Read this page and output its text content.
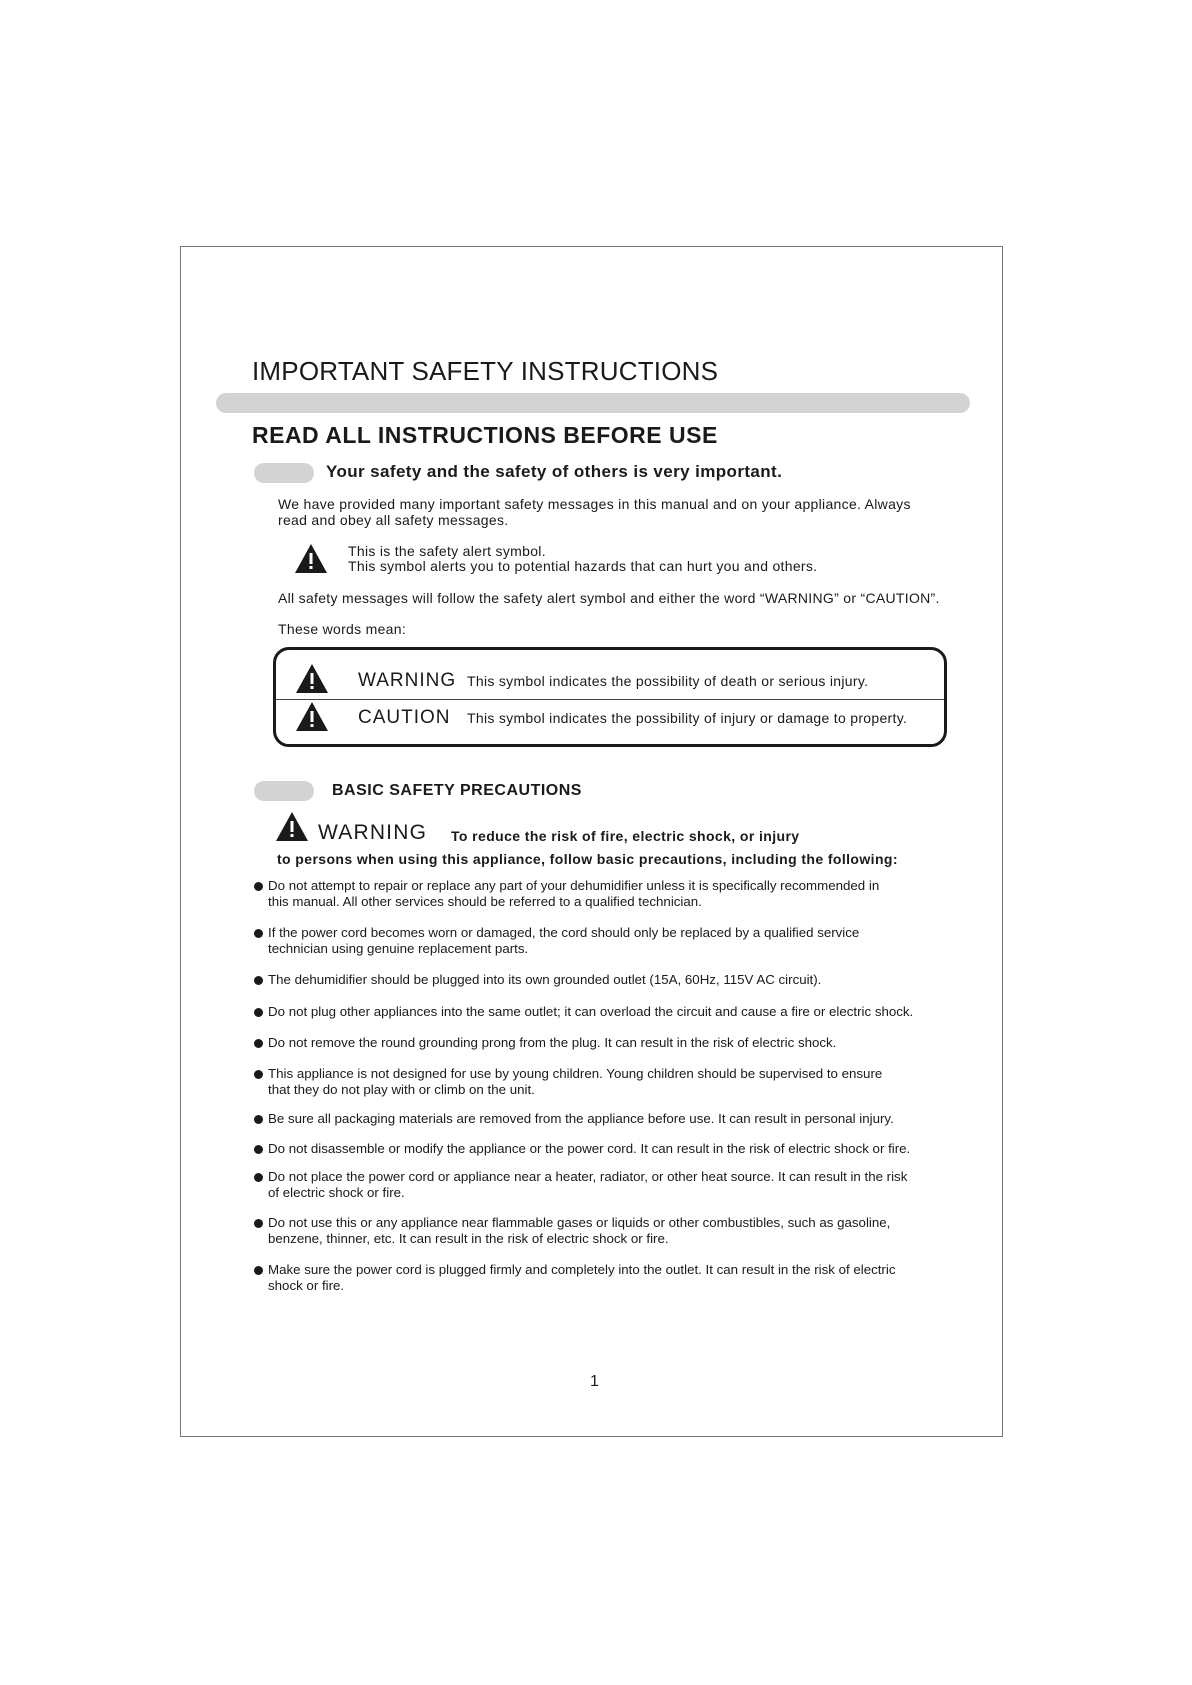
IMPORTANT SAFETY INSTRUCTIONS
READ ALL INSTRUCTIONS BEFORE USE
Your safety and the safety of others is very important.
We have provided many important safety messages in this manual and on your appliance. Always
read and obey all safety messages.
This is the safety alert symbol.
This symbol alerts you to potential hazards that can hurt you and others.
All safety messages will follow the safety alert symbol and either the word “WARNING” or “CAUTION”.
These words mean:
WARNING This symbol indicates the possibility of death or serious injury.
CAUTION This symbol indicates the possibility of injury or damage to property.
BASIC SAFETY PRECAUTIONS
WARNING To reduce the risk of fire, electric shock, or injury
to persons when using this appliance, follow basic precautions, including the following:
Do not attempt to repair or replace any part of your dehumidifier unless it is specifically recommended in
this manual. All other services should be referred to a qualified technician.
If the power cord becomes worn or damaged, the cord should only be replaced by a qualified service
technician using genuine replacement parts.
The dehumidifier should be plugged into its own grounded outlet (15A, 60Hz, 115V AC circuit).
Do not plug other appliances into the same outlet; it can overload the circuit and cause a fire or electric shock.
Do not remove the round grounding prong from the plug. It can result in the risk of electric shock.
This appliance is not designed for use by young children. Young children should be supervised to ensure
that they do not play with or climb on the unit.
Be sure all packaging materials are removed from the appliance before use. It can result in personal injury.
Do not disassemble or modify the appliance or the power cord. It can result in the risk of electric shock or fire.
Do not place the power cord or appliance near a heater, radiator, or other heat source. It can result in the risk
of electric shock or fire.
Do not use this or any appliance near flammable gases or liquids or other combustibles, such as gasoline,
benzene, thinner, etc. It can result in the risk of electric shock or fire.
Make sure the power cord is plugged firmly and completely into the outlet. It can result in the risk of electric
shock or fire.
1
